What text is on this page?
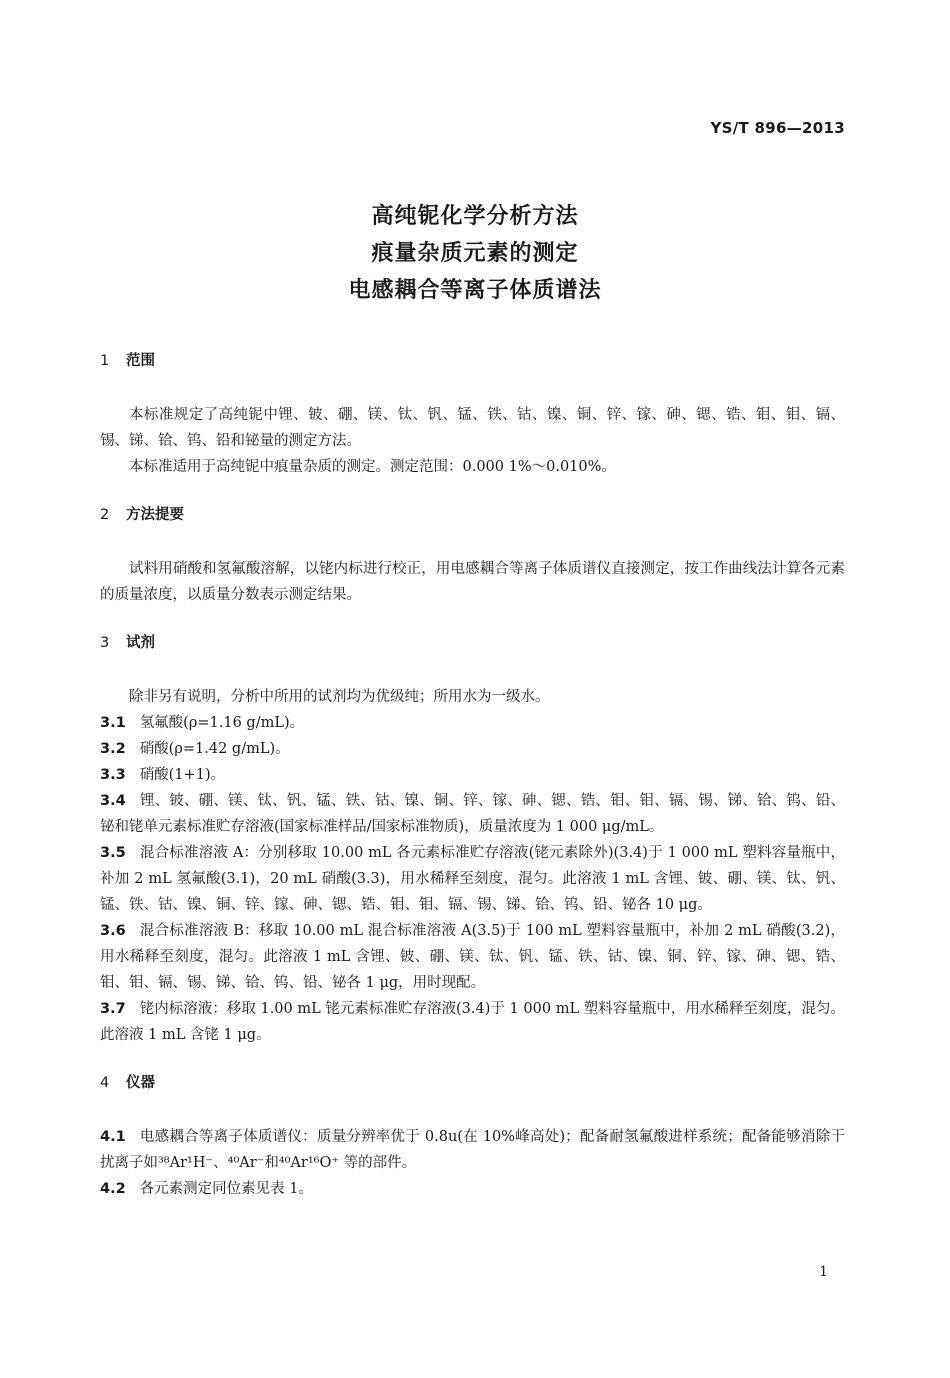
YS/T 896—2013
高纯铌化学分析方法
痕量杂质元素的测定
电感耦合等离子体质谱法
1 范围
本标准规定了高纯铌中锂、铍、硼、镁、钛、钒、锰、铁、钴、镍、铜、锌、镓、砷、锶、锆、钼、钼、镉、锡、锑、铪、钨、铅和铋量的测定方法。
本标准适用于高纯铌中痕量杂质的测定。测定范围：0.000 1%～0.010%。
2 方法提要
试料用硝酸和氢氟酸溶解，以铑内标进行校正，用电感耦合等离子体质谱仪直接测定，按工作曲线法计算各元素的质量浓度，以质量分数表示测定结果。
3 试剂
除非另有说明，分析中所用的试剂均为优级纯；所用水为一级水。
3.1 氢氟酸(ρ=1.16 g/mL)。
3.2 硝酸(ρ=1.42 g/mL)。
3.3 硝酸(1+1)。
3.4 锂、铍、硼、镁、钛、钒、锰、铁、钴、镍、铜、锌、镓、砷、锶、锆、钼、钼、镉、锡、锑、铪、钨、铅、铋和铑单元素标准贮存溶液(国家标准样品/国家标准物质)，质量浓度为 1 000 μg/mL。
3.5 混合标准溶液 A：分别移取 10.00 mL 各元素标准贮存溶液(铑元素除外)(3.4)于 1 000 mL 塑料容量瓶中，补加 2 mL 氢氟酸(3.1)，20 mL 硝酸(3.3)，用水稀释至刻度，混匀。此溶液 1 mL 含锂、铍、硼、镁、钛、钒、锰、铁、钴、镍、铜、锌、镓、砷、锶、锆、钼、钼、镉、锡、锑、铪、钨、铅、铋各 10 μg。
3.6 混合标准溶液 B：移取 10.00 mL 混合标准溶液 A(3.5)于 100 mL 塑料容量瓶中，补加 2 mL 硝酸(3.2)，用水稀释至刻度，混匀。此溶液 1 mL 含锂、铍、硼、镁、钛、钒、锰、铁、钴、镍、铜、锌、镓、砷、锶、锆、钼、钼、镉、锡、锑、铪、钨、铅、铋各 1 μg，用时现配。
3.7 铑内标溶液：移取 1.00 mL 铑元素标准贮存溶液(3.4)于 1 000 mL 塑料容量瓶中，用水稀释至刻度，混匀。此溶液 1 mL 含铑 1 μg。
4 仪器
4.1 电感耦合等离子体质谱仪：质量分辨率优于 0.8u(在 10%峰高处)；配备耐氢氟酸进样系统；配备能够消除干扰离子如³⁸Ar¹H⁻、⁴⁰Ar⁻和⁴⁰Ar¹⁶O⁺ 等的部件。
4.2 各元素测定同位素见表 1。
1
